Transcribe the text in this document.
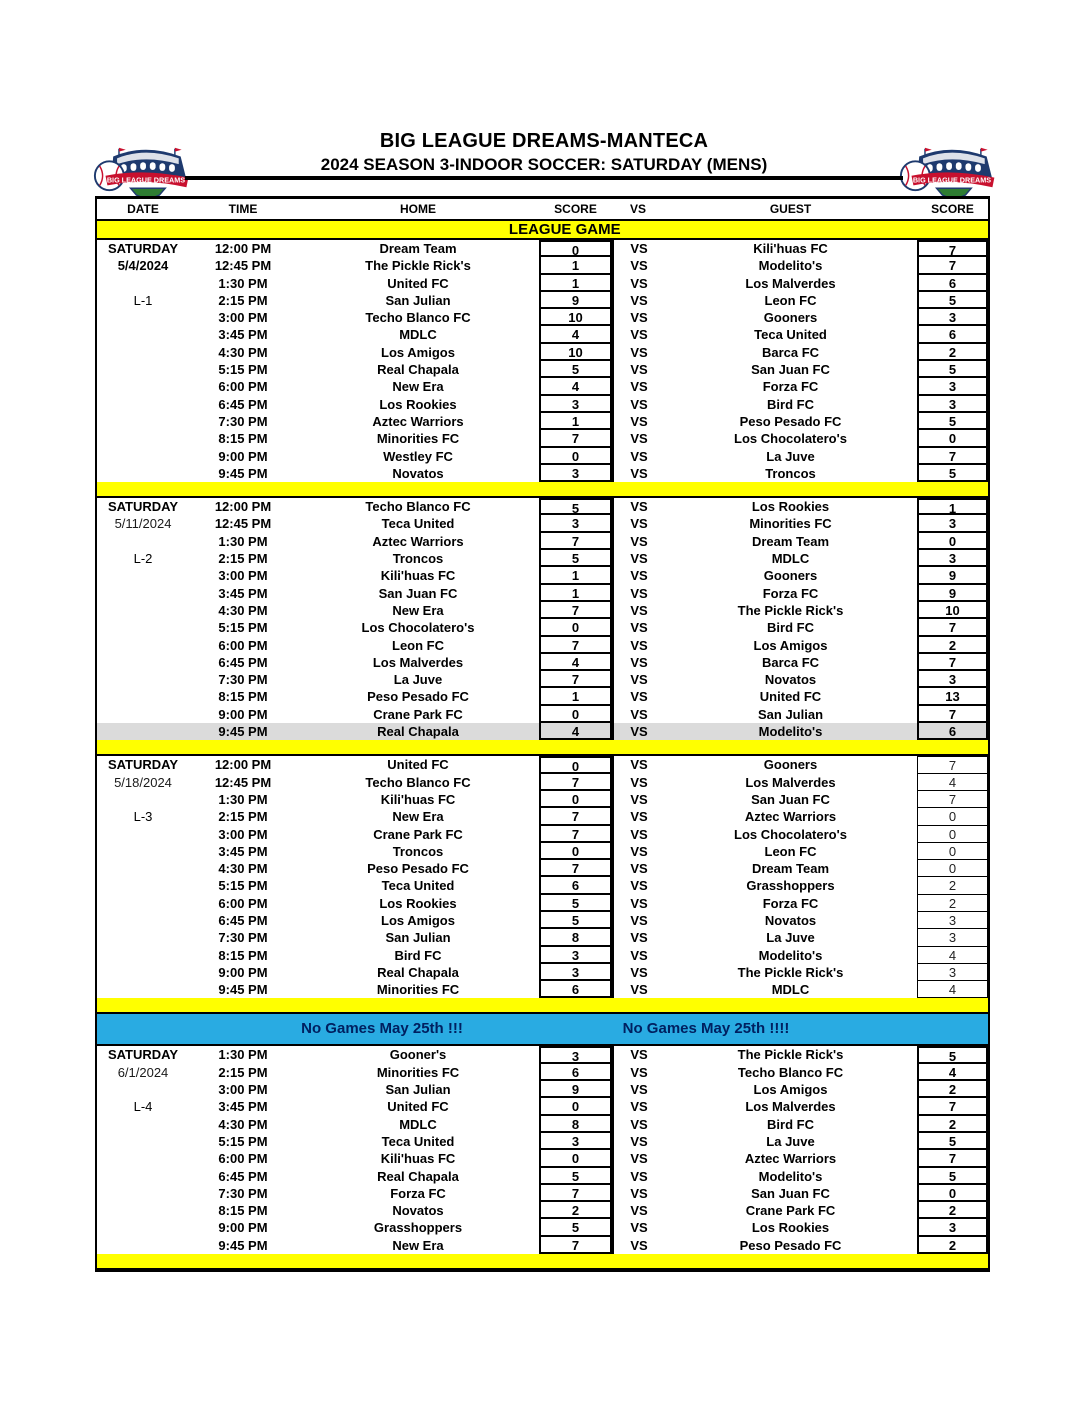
BIG LEAGUE DREAMS	BIG LEAGUE DREAMS
BIG LEAGUE DREAMS-MANTECA
2024 SEASON 3-INDOOR SOCCER: SATURDAY (MENS)
DATE	TIME	HOME	SCORE	VS	GUEST	SCORE
LEAGUE GAME
SATURDAY	12:00 PM	Dream Team	0	VS	Kili'huas FC	7
5/4/2024	12:45 PM	The Pickle Rick's	1	VS	Modelito's	7
1:30 PM	United FC	1	VS	Los Malverdes	6
L-1	2:15 PM	San Julian	9	VS	Leon FC	5
3:00 PM	Techo Blanco FC	10	VS	Gooners	3
3:45 PM	MDLC	4	VS	Teca United	6
4:30 PM	Los Amigos	10	VS	Barca FC	2
5:15 PM	Real Chapala	5	VS	San Juan FC	5
6:00 PM	New Era	4	VS	Forza FC	3
6:45 PM	Los Rookies	3	VS	Bird FC	3
7:30 PM	Aztec Warriors	1	VS	Peso Pesado FC	5
8:15 PM	Minorities FC	7	VS	Los Chocolatero's	0
9:00 PM	Westley FC	0	VS	La Juve	7
9:45 PM	Novatos	3	VS	Troncos	5
SATURDAY	12:00 PM	Techo Blanco FC	5	VS	Los Rookies	1
5/11/2024	12:45 PM	Teca United	3	VS	Minorities FC	3
1:30 PM	Aztec Warriors	7	VS	Dream Team	0
L-2	2:15 PM	Troncos	5	VS	MDLC	3
3:00 PM	Kili'huas FC	1	VS	Gooners	9
3:45 PM	San Juan FC	1	VS	Forza FC	9
4:30 PM	New Era	7	VS	The Pickle Rick's	10
5:15 PM	Los Chocolatero's	0	VS	Bird FC	7
6:00 PM	Leon FC	7	VS	Los Amigos	2
6:45 PM	Los Malverdes	4	VS	Barca FC	7
7:30 PM	La Juve	7	VS	Novatos	3
8:15 PM	Peso Pesado FC	1	VS	United FC	13
9:00 PM	Crane Park FC	0	VS	San Julian	7
9:45 PM	Real Chapala	4	VS	Modelito's	6
SATURDAY	12:00 PM	United FC	0	VS	Gooners	7
5/18/2024	12:45 PM	Techo Blanco FC	7	VS	Los Malverdes	4
1:30 PM	Kili'huas FC	0	VS	San Juan FC	7
L-3	2:15 PM	New Era	7	VS	Aztec Warriors	0
3:00 PM	Crane Park FC	7	VS	Los Chocolatero's	0
3:45 PM	Troncos	0	VS	Leon FC	0
4:30 PM	Peso Pesado FC	7	VS	Dream Team	0
5:15 PM	Teca United	6	VS	Grasshoppers	2
6:00 PM	Los Rookies	5	VS	Forza FC	2
6:45 PM	Los Amigos	5	VS	Novatos	3
7:30 PM	San Julian	8	VS	La Juve	3
8:15 PM	Bird FC	3	VS	Modelito's	4
9:00 PM	Real Chapala	3	VS	The Pickle Rick's	3
9:45 PM	Minorities FC	6	VS	MDLC	4
No Games May 25th !!!	No Games May 25th !!!!
SATURDAY	1:30 PM	Gooner's	3	VS	The Pickle Rick's	5
6/1/2024	2:15 PM	Minorities FC	6	VS	Techo Blanco FC	4
3:00 PM	San Julian	9	VS	Los Amigos	2
L-4	3:45 PM	United FC	0	VS	Los Malverdes	7
4:30 PM	MDLC	8	VS	Bird FC	2
5:15 PM	Teca United	3	VS	La Juve	5
6:00 PM	Kili'huas FC	0	VS	Aztec Warriors	7
6:45 PM	Real Chapala	5	VS	Modelito's	5
7:30 PM	Forza FC	7	VS	San Juan FC	0
8:15 PM	Novatos	2	VS	Crane Park FC	2
9:00 PM	Grasshoppers	5	VS	Los Rookies	3
9:45 PM	New Era	7	VS	Peso Pesado FC	2
